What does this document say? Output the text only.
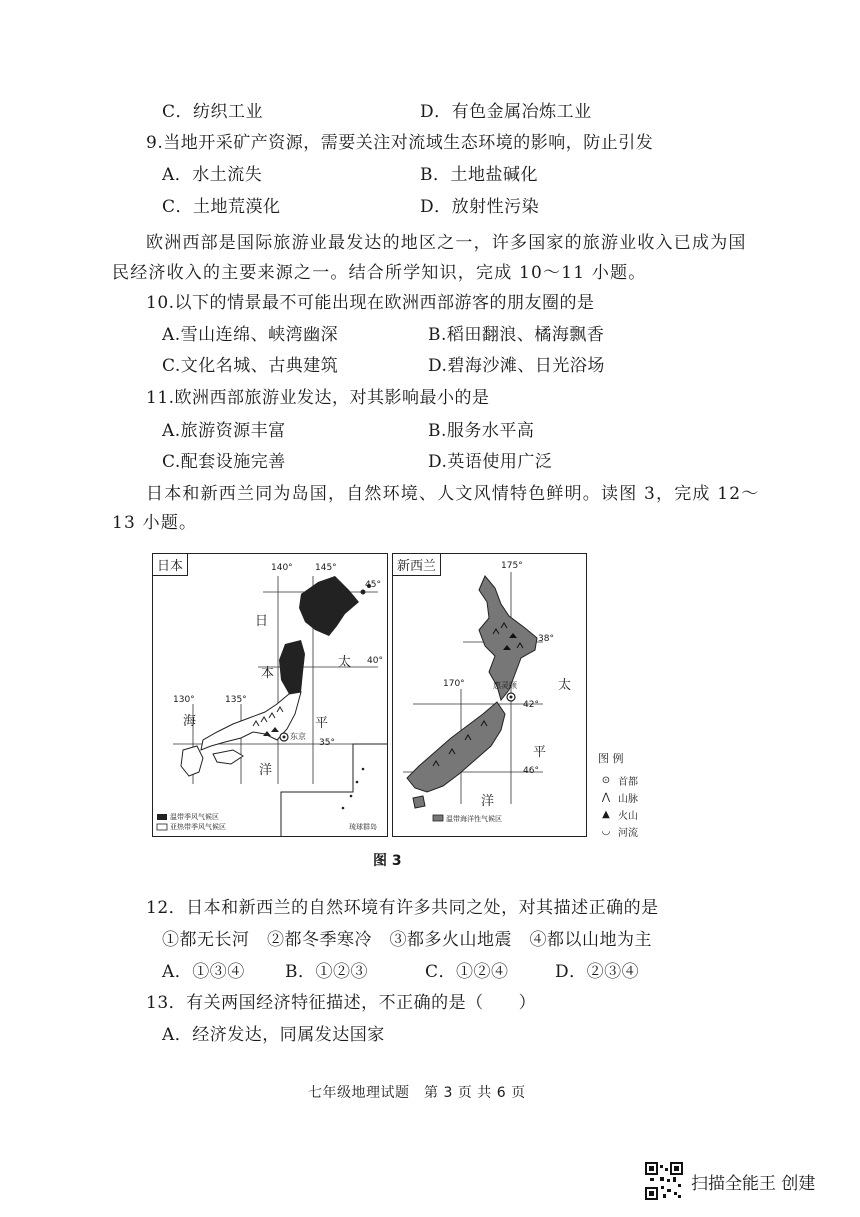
C．纺织工业	D．有色金属冶炼工业
9.当地开采矿产资源，需要关注对流域生态环境的影响，防止引发
A．水土流失	B．土地盐碱化
C．土地荒漠化	D．放射性污染
欧洲西部是国际旅游业最发达的地区之一，许多国家的旅游业收入已成为国
民经济收入的主要来源之一。结合所学知识，完成 10～11 小题。
10.以下的情景最不可能出现在欧洲西部游客的朋友圈的是
A.雪山连绵、峡湾幽深	B.稻田翻浪、橘海飘香
C.文化名城、古典建筑	D.碧海沙滩、日光浴场
11.欧洲西部旅游业发达，对其影响最小的是
A.旅游资源丰富	B.服务水平高
C.配套设施完善	D.英语使用广泛
日本和新西兰同为岛国，自然环境、人文风情特色鲜明。读图 3，完成 12～
13 小题。
日本	140° 145°
45°
40°
35°
130°	135°
日
本
海
太
平
洋
东京
琉球群岛
温带季风气候区
亚热带季风气候区
新西兰	175°
170°
38°
42°
46°
惠灵顿	太
平
洋
温带海洋性气候区
图 例
⊙ 首都
⋀ 山脉
▲ 火山
◡ 河流
图 3
12．日本和新西兰的自然环境有许多共同之处，对其描述正确的是
①都无长河　②都冬季寒冷　③都多火山地震　④都以山地为主
A．①③④ B．①②③	C．①②④	D．②③④
13．有关两国经济特征描述，不正确的是（　　）
A．经济发达，同属发达国家
七年级地理试题　第 3 页 共 6 页
扫描全能王 创建
